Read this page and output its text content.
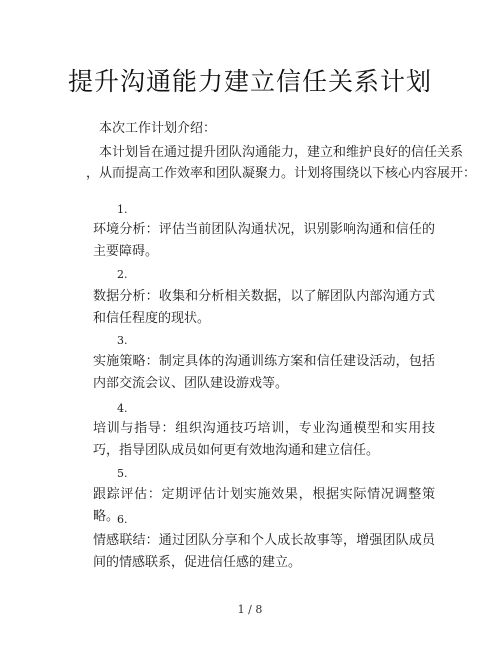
提升沟通能力建立信任关系计划
本次工作计划介绍：
本计划旨在通过提升团队沟通能力，建立和维护良好的信任关系
，从而提高工作效率和团队凝聚力。计划将围绕以下核心内容展开：
1.
环境分析：评估当前团队沟通状况，识别影响沟通和信任的主要障碍。
2.
数据分析：收集和分析相关数据，以了解团队内部沟通方式和信任程度的现状。
3.
实施策略：制定具体的沟通训练方案和信任建设活动，包括内部交流会议、团队建设游戏等。
4.
培训与指导：组织沟通技巧培训，专业沟通模型和实用技巧，指导团队成员如何更有效地沟通和建立信任。
5.
跟踪评估：定期评估计划实施效果，根据实际情况调整策略。
6.
情感联结：通过团队分享和个人成长故事等，增强团队成员间的情感联系，促进信任感的建立。
1 / 8
